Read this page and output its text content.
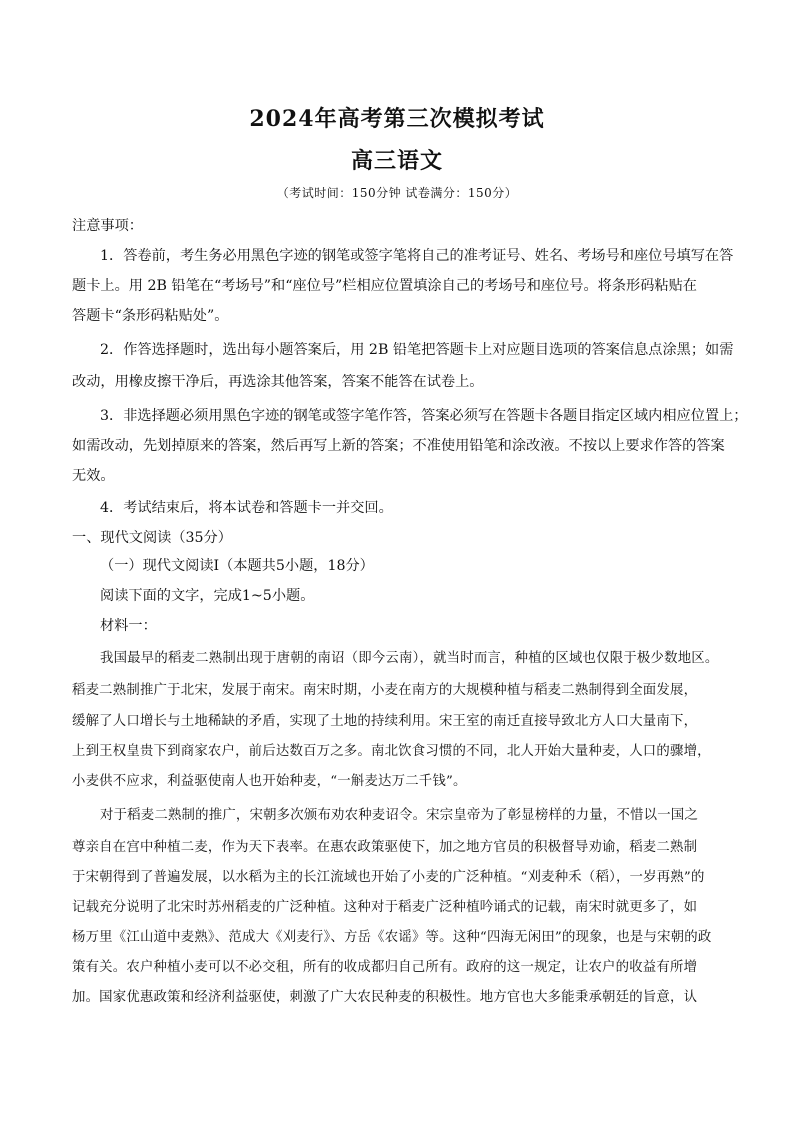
2024年高考第三次模拟考试
高三语文
（考试时间：150分钟 试卷满分：150分）
注意事项：
1．答卷前，考生务必用黑色字迹的钢笔或签字笔将自己的准考证号、姓名、考场号和座位号填写在答
题卡上。用 2B 铅笔在“考场号”和“座位号”栏相应位置填涂自己的考场号和座位号。将条形码粘贴在
答题卡“条形码粘贴处”。
2．作答选择题时，选出每小题答案后，用 2B 铅笔把答题卡上对应题目选项的答案信息点涂黑；如需
改动，用橡皮擦干净后，再选涂其他答案，答案不能答在试卷上。
3．非选择题必须用黑色字迹的钢笔或签字笔作答，答案必须写在答题卡各题目指定区域内相应位置上；
如需改动，先划掉原来的答案，然后再写上新的答案；不准使用铅笔和涂改液。不按以上要求作答的答案
无效。
4．考试结束后，将本试卷和答题卡一并交回。
一、现代文阅读（35分）
（一）现代文阅读Ⅰ（本题共5小题，18分）
阅读下面的文字，完成1~5小题。
材料一：
我国最早的稻麦二熟制出现于唐朝的南诏（即今云南），就当时而言，种植的区域也仅限于极少数地区。
稻麦二熟制推广于北宋，发展于南宋。南宋时期，小麦在南方的大规模种植与稻麦二熟制得到全面发展，
缓解了人口增长与土地稀缺的矛盾，实现了土地的持续利用。宋王室的南迁直接导致北方人口大量南下，
上到王权皇贵下到商家农户，前后达数百万之多。南北饮食习惯的不同，北人开始大量种麦，人口的骤增，
小麦供不应求，利益驱使南人也开始种麦，“一斛麦达万二千钱”。
对于稻麦二熟制的推广，宋朝多次颁布劝农种麦诏令。宋宗皇帝为了彰显榜样的力量，不惜以一国之
尊亲自在宫中种植二麦，作为天下表率。在惠农政策驱使下，加之地方官员的积极督导劝谕，稻麦二熟制
于宋朝得到了普遍发展，以水稻为主的长江流域也开始了小麦的广泛种植。“刈麦种禾（稻），一岁再熟”的
记载充分说明了北宋时苏州稻麦的广泛种植。这种对于稻麦广泛种植吟诵式的记载，南宋时就更多了，如
杨万里《江山道中麦熟》、范成大《刈麦行》、方岳《农谣》等。这种“四海无闲田”的现象，也是与宋朝的政
策有关。农户种植小麦可以不必交租，所有的收成都归自己所有。政府的这一规定，让农户的收益有所增
加。国家优惠政策和经济利益驱使，刺激了广大农民种麦的积极性。地方官也大多能秉承朝廷的旨意，认
